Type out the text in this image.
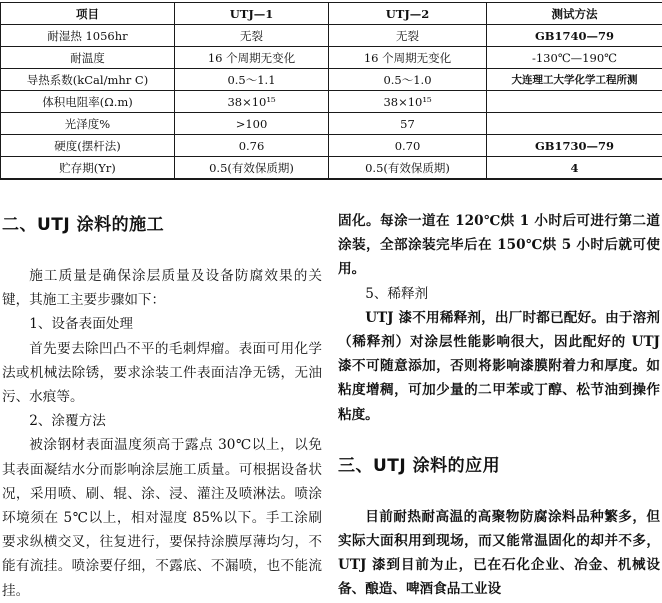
项目	UTJ—1	UTJ—2	测试方法
耐湿热 1056hr	无裂	无裂	GB1740—79
耐温度	16 个周期无变化	16 个周期无变化	-130℃—190℃
导热系数(kCal/mhr C)	0.5～1.1	0.5～1.0	大连理工大学化学工程所测
体积电阻率(Ω.m)	38×10¹⁵	38×10¹⁵	
光泽度%	>100	57	
硬度(摆杆法)	0.76	0.70	GB1730—79
贮存期(Yr)	0.5(有效保质期)	0.5(有效保质期)	4
二、UTJ 涂料的施工

施工质量是确保涂层质量及设备防腐效果的关键，其施工主要步骤如下：

1、设备表面处理

首先要去除凹凸不平的毛刺焊瘤。表面可用化学法或机械法除锈，要求涂装工件表面洁净无锈，无油污、水痕等。

2、涂覆方法

被涂钢材表面温度须高于露点 30℃以上，以免其表面凝结水分而影响涂层施工质量。可根据设备状况，采用喷、刷、辊、涂、浸、灌注及喷淋法。喷涂环境须在 5℃以上，相对湿度 85%以下。手工涂刷要求纵横交叉，往复进行，要保持涂膜厚薄均匀，不能有流挂。喷涂要仔细，不露底、不漏喷，也不能流挂。

固化。每涂一道在 120℃烘 1 小时后可进行第二道涂装，全部涂装完毕后在 150℃烘 5 小时后就可使用。

5、稀释剂

UTJ 漆不用稀释剂，出厂时都已配好。由于溶剂（稀释剂）对涂层性能影响很大，因此配好的 UTJ 漆不可随意添加，否则将影响漆膜附着力和厚度。如粘度增稠，可加少量的二甲苯或丁醇、松节油到操作粘度。

三、UTJ 涂料的应用

目前耐热耐高温的高聚物防腐涂料品种繁多，但实际大面积用到现场，而又能常温固化的却并不多，UTJ 漆到目前为止，已在石化企业、冶金、机械设备、酿造、啤酒食品工业设
